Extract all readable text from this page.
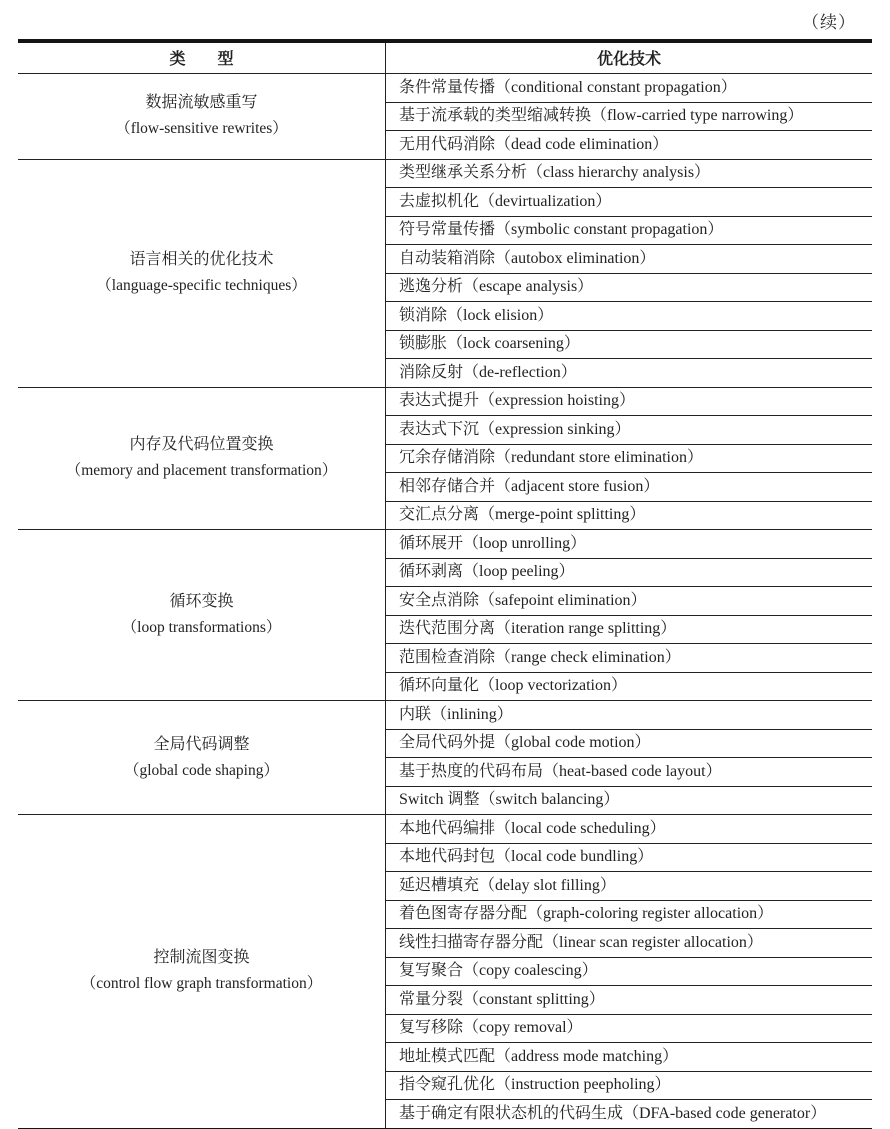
（续）
类　　型	优化技术

数据流敏感重写
（flow-sensitive rewrites）	条件常量传播（conditional constant propagation）
	基于流承载的类型缩减转换（flow-carried type narrowing）
	无用代码消除（dead code elimination）

语言相关的优化技术
（language-specific techniques）	类型继承关系分析（class hierarchy analysis）
	去虚拟机化（devirtualization）
	符号常量传播（symbolic constant propagation）
	自动装箱消除（autobox elimination）
	逃逸分析（escape analysis）
	锁消除（lock elision）
	锁膨胀（lock coarsening）
	消除反射（de-reflection）

内存及代码位置变换
（memory and placement transformation）	表达式提升（expression hoisting）
	表达式下沉（expression sinking）
	冗余存储消除（redundant store elimination）
	相邻存储合并（adjacent store fusion）
	交汇点分离（merge-point splitting）

循环变换
（loop transformations）	循环展开（loop unrolling）
	循环剥离（loop peeling）
	安全点消除（safepoint elimination）
	迭代范围分离（iteration range splitting）
	范围检查消除（range check elimination）
	循环向量化（loop vectorization）

全局代码调整
（global code shaping）	内联（inlining）
	全局代码外提（global code motion）
	基于热度的代码布局（heat-based code layout）
	Switch 调整（switch balancing）

控制流图变换
（control flow graph transformation）	本地代码编排（local code scheduling）
	本地代码封包（local code bundling）
	延迟槽填充（delay slot filling）
	着色图寄存器分配（graph-coloring register allocation）
	线性扫描寄存器分配（linear scan register allocation）
	复写聚合（copy coalescing）
	常量分裂（constant splitting）
	复写移除（copy removal）
	地址模式匹配（address mode matching）
	指令窥孔优化（instruction peepholing）
	基于确定有限状态机的代码生成（DFA-based code generator）
